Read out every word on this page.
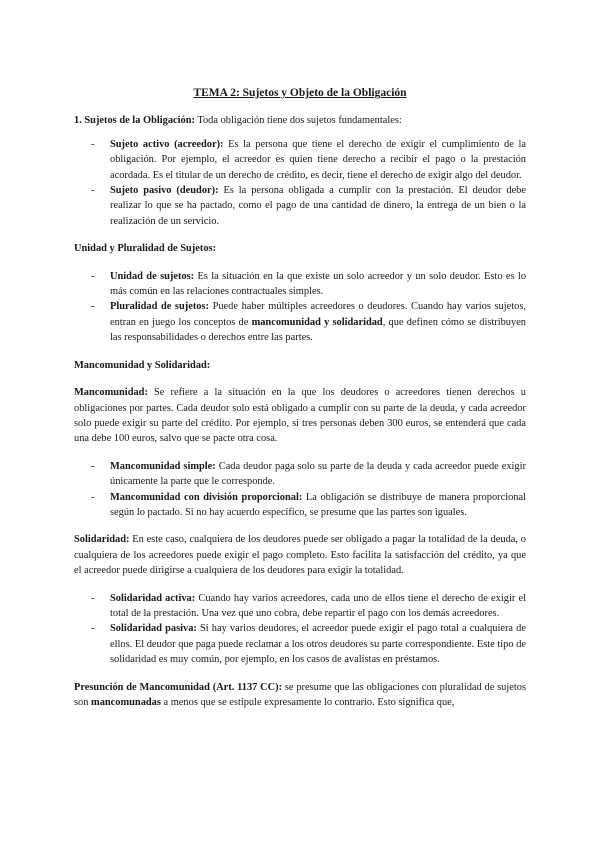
TEMA 2: Sujetos y Objeto de la Obligación

1. Sujetos de la Obligación: Toda obligación tiene dos sujetos fundamentales:

- Sujeto activo (acreedor): Es la persona que tiene el derecho de exigir el cumplimiento de la obligación. Por ejemplo, el acreedor es quien tiene derecho a recibir el pago o la prestación acordada. Es el titular de un derecho de crédito, es decir, tiene el derecho de exigir algo del deudor.
- Sujeto pasivo (deudor): Es la persona obligada a cumplir con la prestación. El deudor debe realizar lo que se ha pactado, como el pago de una cantidad de dinero, la entrega de un bien o la realización de un servicio.

Unidad y Pluralidad de Sujetos:

- Unidad de sujetos: Es la situación en la que existe un solo acreedor y un solo deudor. Esto es lo más común en las relaciones contractuales simples.
- Pluralidad de sujetos: Puede haber múltiples acreedores o deudores. Cuando hay varios sujetos, entran en juego los conceptos de mancomunidad y solidaridad, que definen cómo se distribuyen las responsabilidades o derechos entre las partes.

Mancomunidad y Solidaridad:

Mancomunidad: Se refiere a la situación en la que los deudores o acreedores tienen derechos u obligaciones por partes. Cada deudor solo está obligado a cumplir con su parte de la deuda, y cada acreedor solo puede exigir su parte del crédito. Por ejemplo, si tres personas deben 300 euros, se entenderá que cada una debe 100 euros, salvo que se pacte otra cosa.

- Mancomunidad simple: Cada deudor paga solo su parte de la deuda y cada acreedor puede exigir únicamente la parte que le corresponde.
- Mancomunidad con división proporcional: La obligación se distribuye de manera proporcional según lo pactado. Si no hay acuerdo específico, se presume que las partes son iguales.

Solidaridad: En este caso, cualquiera de los deudores puede ser obligado a pagar la totalidad de la deuda, o cualquiera de los acreedores puede exigir el pago completo. Esto facilita la satisfacción del crédito, ya que el acreedor puede dirigirse a cualquiera de los deudores para exigir la totalidad.

- Solidaridad activa: Cuando hay varios acreedores, cada uno de ellos tiene el derecho de exigir el total de la prestación. Una vez que uno cobra, debe repartir el pago con los demás acreedores.
- Solidaridad pasiva: Si hay varios deudores, el acreedor puede exigir el pago total a cualquiera de ellos. El deudor que paga puede reclamar a los otros deudores su parte correspondiente. Este tipo de solidaridad es muy común, por ejemplo, en los casos de avalistas en préstamos.

Presunción de Mancomunidad (Art. 1137 CC): se presume que las obligaciones con pluralidad de sujetos son mancomunadas a menos que se estipule expresamente lo contrario. Esto significa que,
